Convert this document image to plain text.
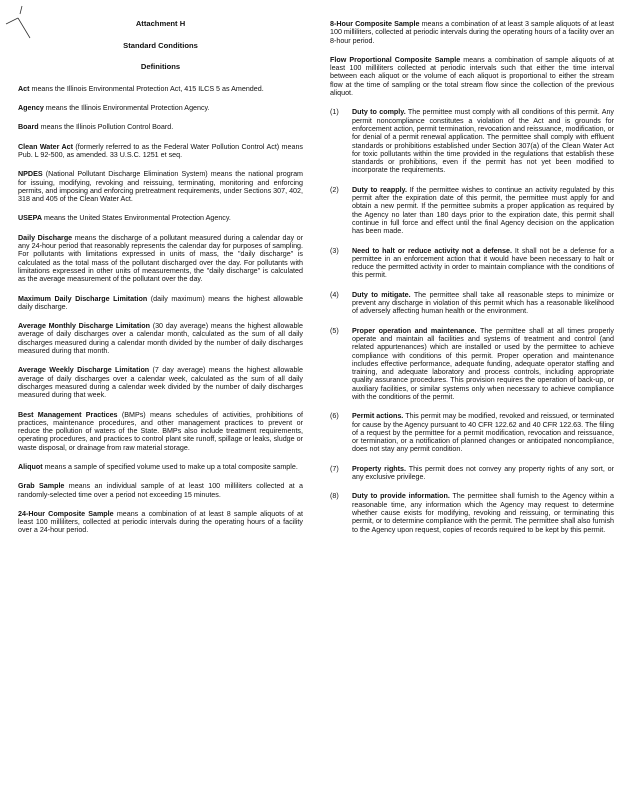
Attachment H

Standard Conditions

Definitions

Act means the Illinois Environmental Protection Act, 415 ILCS 5 as Amended.

Agency means the Illinois Environmental Protection Agency.

Board means the Illinois Pollution Control Board.

Clean Water Act (formerly referred to as the Federal Water Pollution Control Act) means Pub. L 92-500, as amended. 33 U.S.C. 1251 et seq.

NPDES (National Pollutant Discharge Elimination System) means the national program for issuing, modifying, revoking and reissuing, terminating, monitoring and enforcing permits, and imposing and enforcing pretreatment requirements, under Sections 307, 402, 318 and 405 of the Clean Water Act.

USEPA means the United States Environmental Protection Agency.

Daily Discharge means the discharge of a pollutant measured during a calendar day or any 24-hour period that reasonably represents the calendar day for purposes of sampling. For pollutants with limitations expressed in units of mass, the "daily discharge" is calculated as the total mass of the pollutant discharged over the day. For pollutants with limitations expressed in other units of measurements, the "daily discharge" is calculated as the average measurement of the pollutant over the day.

Maximum Daily Discharge Limitation (daily maximum) means the highest allowable daily discharge.

Average Monthly Discharge Limitation (30 day average) means the highest allowable average of daily discharges over a calendar month, calculated as the sum of all daily discharges measured during a calendar month divided by the number of daily discharges measured during that month.

Average Weekly Discharge Limitation (7 day average) means the highest allowable average of daily discharges over a calendar week, calculated as the sum of all daily discharges measured during a calendar week divided by the number of daily discharges measured during that week.

Best Management Practices (BMPs) means schedules of activities, prohibitions of practices, maintenance procedures, and other management practices to prevent or reduce the pollution of waters of the State. BMPs also include treatment requirements, operating procedures, and practices to control plant site runoff, spillage or leaks, sludge or waste disposal, or drainage from raw material storage.

Aliquot means a sample of specified volume used to make up a total composite sample.

Grab Sample means an individual sample of at least 100 milliliters collected at a randomly-selected time over a period not exceeding 15 minutes.

24-Hour Composite Sample means a combination of at least 8 sample aliquots of at least 100 milliliters, collected at periodic intervals during the operating hours of a facility over a 24-hour period.

8-Hour Composite Sample means a combination of at least 3 sample aliquots of at least 100 milliliters, collected at periodic intervals during the operating hours of a facility over an 8-hour period.

Flow Proportional Composite Sample means a combination of sample aliquots of at least 100 milliliters collected at periodic intervals such that either the time interval between each aliquot or the volume of each aliquot is proportional to either the stream flow at the time of sampling or the total stream flow since the collection of the previous aliquot.

(1)	Duty to comply. The permittee must comply with all conditions of this permit. Any permit noncompliance constitutes a violation of the Act and is grounds for enforcement action, permit termination, revocation and reissuance, modification, or for denial of a permit renewal application. The permittee shall comply with effluent standards or prohibitions established under Section 307(a) of the Clean Water Act for toxic pollutants within the time provided in the regulations that establish these standards or prohibitions, even if the permit has not yet been modified to incorporate the requirements.

(2)	Duty to reapply. If the permittee wishes to continue an activity regulated by this permit after the expiration date of this permit, the permittee must apply for and obtain a new permit. If the permittee submits a proper application as required by the Agency no later than 180 days prior to the expiration date, this permit shall continue in full force and effect until the final Agency decision on the application has been made.

(3)	Need to halt or reduce activity not a defense. It shall not be a defense for a permittee in an enforcement action that it would have been necessary to halt or reduce the permitted activity in order to maintain compliance with the conditions of this permit.

(4)	Duty to mitigate. The permittee shall take all reasonable steps to minimize or prevent any discharge in violation of this permit which has a reasonable likelihood of adversely affecting human health or the environment.

(5)	Proper operation and maintenance. The permittee shall at all times properly operate and maintain all facilities and systems of treatment and control (and related appurtenances) which are installed or used by the permittee to achieve compliance with conditions of this permit. Proper operation and maintenance includes effective performance, adequate funding, adequate operator staffing and training, and adequate laboratory and process controls, including appropriate quality assurance procedures. This provision requires the operation of back-up, or auxiliary facilities, or similar systems only when necessary to achieve compliance with the conditions of the permit.

(6)	Permit actions. This permit may be modified, revoked and reissued, or terminated for cause by the Agency pursuant to 40 CFR 122.62 and 40 CFR 122.63. The filing of a request by the permittee for a permit modification, revocation and reissuance, or termination, or a notification of planned changes or anticipated noncompliance, does not stay any permit condition.

(7)	Property rights. This permit does not convey any property rights of any sort, or any exclusive privilege.

(8)	Duty to provide information. The permittee shall furnish to the Agency within a reasonable time, any information which the Agency may request to determine whether cause exists for modifying, revoking and reissuing, or terminating this permit, or to determine compliance with the permit. The permittee shall also furnish to the Agency upon request, copies of records required to be kept by this permit.
